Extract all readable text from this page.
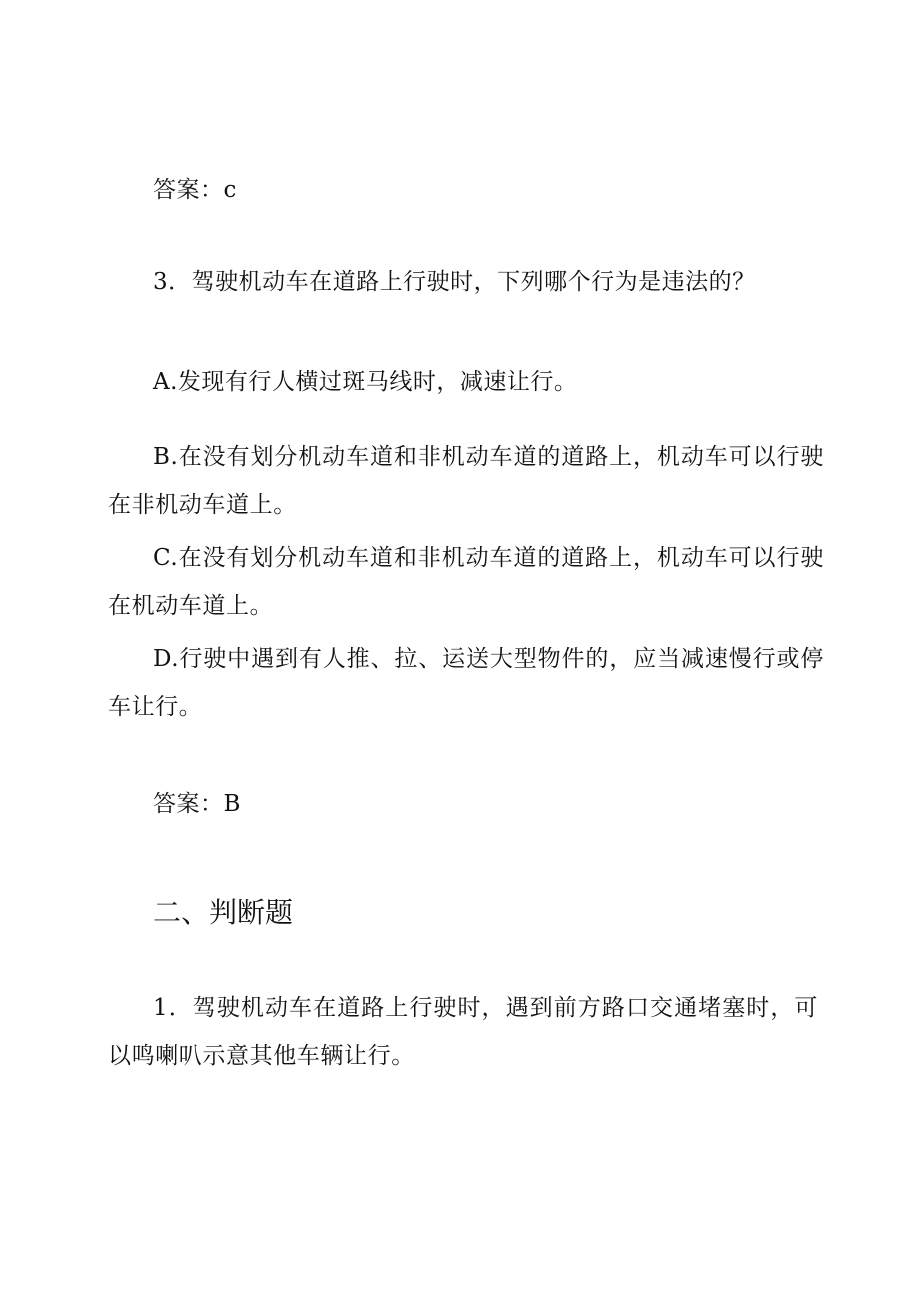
答案：c
3．驾驶机动车在道路上行驶时，下列哪个行为是违法的？
A.发现有行人横过斑马线时，减速让行。
B.在没有划分机动车道和非机动车道的道路上，机动车可以行驶在非机动车道上。
C.在没有划分机动车道和非机动车道的道路上，机动车可以行驶在机动车道上。
D.行驶中遇到有人推、拉、运送大型物件的，应当减速慢行或停车让行。
答案：B
二、判断题
1．驾驶机动车在道路上行驶时，遇到前方路口交通堵塞时，可以鸣喇叭示意其他车辆让行。
